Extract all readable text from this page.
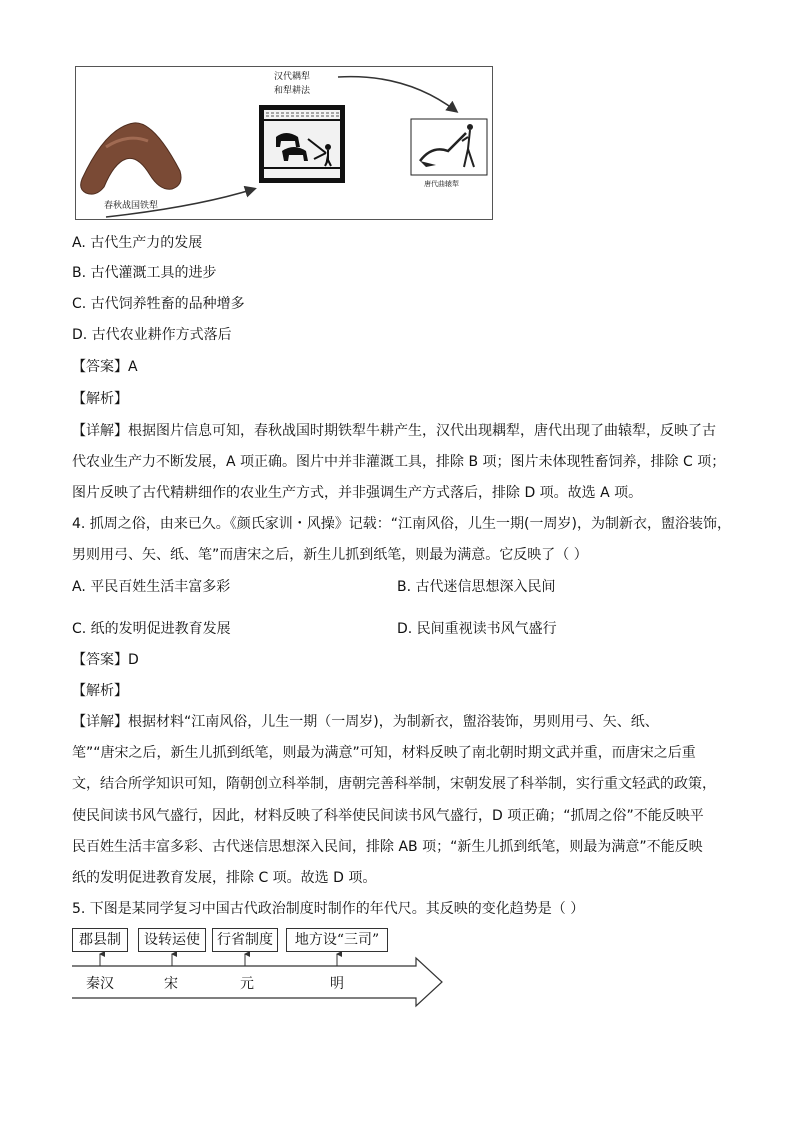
汉代耦犁
和犁耕法
春秋战国铁犁
唐代曲辕犁
A. 古代生产力的发展
B. 古代灌溉工具的进步
C. 古代饲养牲畜的品种增多
D. 古代农业耕作方式落后
【答案】A
【解析】
【详解】根据图片信息可知，春秋战国时期铁犁牛耕产生，汉代出现耦犁，唐代出现了曲辕犁，反映了古
代农业生产力不断发展，A 项正确。图片中并非灌溉工具，排除 B 项；图片未体现牲畜饲养，排除 C 项；
图片反映了古代精耕细作的农业生产方式，并非强调生产方式落后，排除 D 项。故选 A 项。
4. 抓周之俗，由来已久。《颜氏家训・风操》记载：“江南风俗，儿生一期(一周岁)，为制新衣，盥浴装饰，
男则用弓、矢、纸、笔”而唐宋之后，新生儿抓到纸笔，则最为满意。它反映了（ ）
A. 平民百姓生活丰富多彩	B. 古代迷信思想深入民间
C. 纸的发明促进教育发展	D. 民间重视读书风气盛行
【答案】D
【解析】
【详解】根据材料“江南风俗，儿生一期（一周岁)，为制新衣，盥浴装饰，男则用弓、矢、纸、
笔”“唐宋之后，新生儿抓到纸笔，则最为满意”可知，材料反映了南北朝时期文武并重，而唐宋之后重
文，结合所学知识可知，隋朝创立科举制，唐朝完善科举制，宋朝发展了科举制，实行重文轻武的政策，
使民间读书风气盛行，因此，材料反映了科举使民间读书风气盛行，D 项正确；“抓周之俗”不能反映平
民百姓生活丰富多彩、古代迷信思想深入民间，排除 AB 项；“新生儿抓到纸笔，则最为满意”不能反映
纸的发明促进教育发展，排除 C 项。故选 D 项。
5. 下图是某同学复习中国古代政治制度时制作的年代尺。其反映的变化趋势是（ ）
郡县制	设转运使	行省制度	地方设“三司”
秦汉	宋	元	明
